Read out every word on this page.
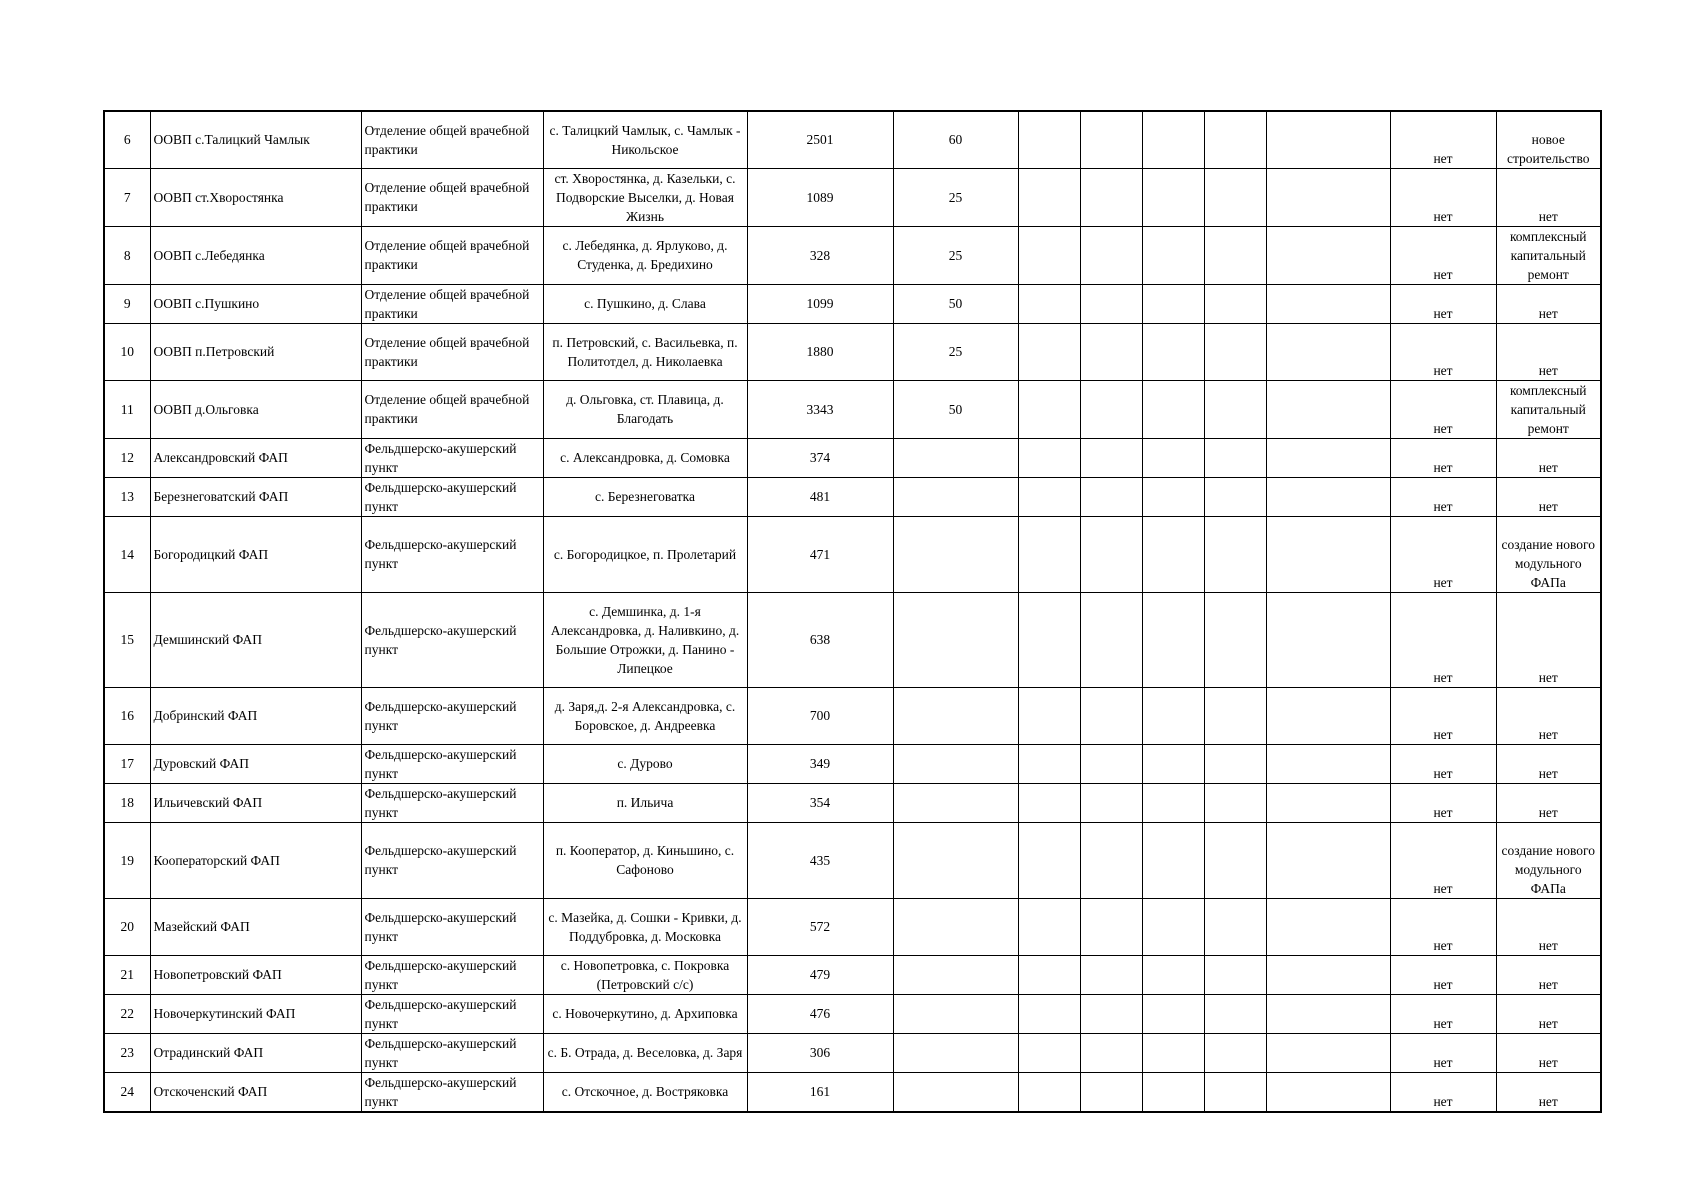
6	ООВП с.Талицкий Чамлык	Отделение общей врачебной практики	с. Талицкий Чамлык, с. Чамлык - Никольское	2501	60						нет	новое строительство
7	ООВП ст.Хворостянка	Отделение общей врачебной практики	ст. Хворостянка, д. Казельки, с. Подворские Выселки, д. Новая Жизнь	1089	25						нет	нет
8	ООВП с.Лебедянка	Отделение общей врачебной практики	с. Лебедянка, д. Ярлуково, д. Студенка, д. Бредихино	328	25						нет	комплексный капитальный ремонт
9	ООВП с.Пушкино	Отделение общей врачебной практики	с. Пушкино, д. Слава	1099	50						нет	нет
10	ООВП п.Петровский	Отделение общей врачебной практики	п. Петровский, с. Васильевка, п. Политотдел, д. Николаевка	1880	25						нет	нет
11	ООВП д.Ольговка	Отделение общей врачебной практики	д. Ольговка, ст. Плавица, д. Благодать	3343	50						нет	комплексный капитальный ремонт
12	Александровский ФАП	Фельдшерско-акушерский пункт	с. Александровка, д. Сомовка	374							нет	нет
13	Березнеговатский ФАП	Фельдшерско-акушерский пункт	с. Березнеговатка	481							нет	нет
14	Богородицкий ФАП	Фельдшерско-акушерский пункт	с. Богородицкое, п. Пролетарий	471							нет	создание нового модульного ФАПа
15	Демшинский ФАП	Фельдшерско-акушерский пункт	с. Демшинка, д. 1-я Александровка, д. Наливкино, д. Большие Отрожки, д. Панино - Липецкое	638							нет	нет
16	Добринский ФАП	Фельдшерско-акушерский пункт	д. Заря,д. 2-я Александровка, с. Боровское, д. Андреевка	700							нет	нет
17	Дуровский ФАП	Фельдшерско-акушерский пункт	с. Дурово	349							нет	нет
18	Ильичевский ФАП	Фельдшерско-акушерский пункт	п. Ильича	354							нет	нет
19	Кооператорский ФАП	Фельдшерско-акушерский пункт	п. Кооператор, д. Киньшино, с. Сафоново	435							нет	создание нового модульного ФАПа
20	Мазейский ФАП	Фельдшерско-акушерский пункт	с. Мазейка, д. Сошки - Кривки, д. Поддубровка, д. Московка	572							нет	нет
21	Новопетровский ФАП	Фельдшерско-акушерский пункт	с. Новопетровка, с. Покровка (Петровский с/с)	479							нет	нет
22	Новочеркутинский ФАП	Фельдшерско-акушерский пункт	с. Новочеркутино, д. Архиповка	476							нет	нет
23	Отрадинский ФАП	Фельдшерско-акушерский пункт	с. Б. Отрада, д. Веселовка, д. Заря	306							нет	нет
24	Отскоченский ФАП	Фельдшерско-акушерский пункт	с. Отскочное, д. Востряковка	161							нет	нет
